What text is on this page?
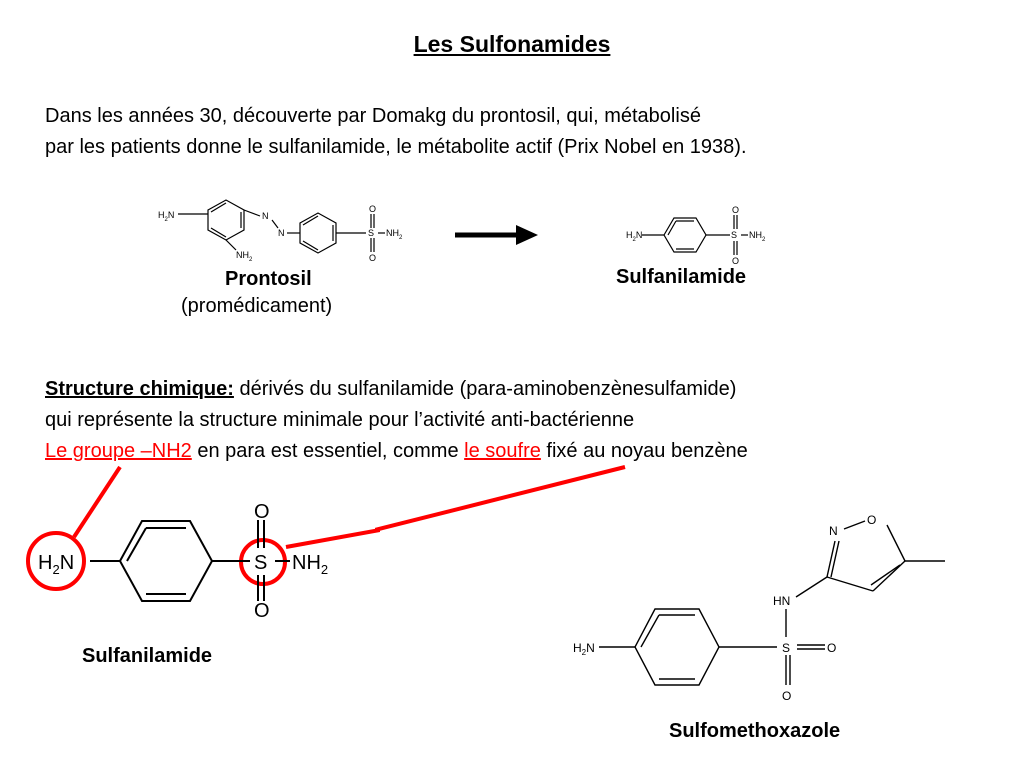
Les Sulfonamides
Dans les années 30, découverte par Domakg du prontosil, qui, métabolisé
par les patients donne le sulfanilamide, le métabolite actif (Prix Nobel en 1938).
$H_2N$	N
N
$NH_2$
O
S
O
$NH_2$
Prontosil
(promédicament)
$H_2N$
O
S
O
$NH_2$
Sulfanilamide
Structure chimique: dérivés du sulfanilamide (para-aminobenzènesulfamide)
qui représente la structure minimale pour l’activité anti-bactérienne
Le groupe –NH2 en para est essentiel, comme le soufre fixé au noyau benzène
$H_2N$
O
S
O
$NH_2$
Sulfanilamide	$H_2N$
HN
S	O
O
N
O
Sulfomethoxazole
